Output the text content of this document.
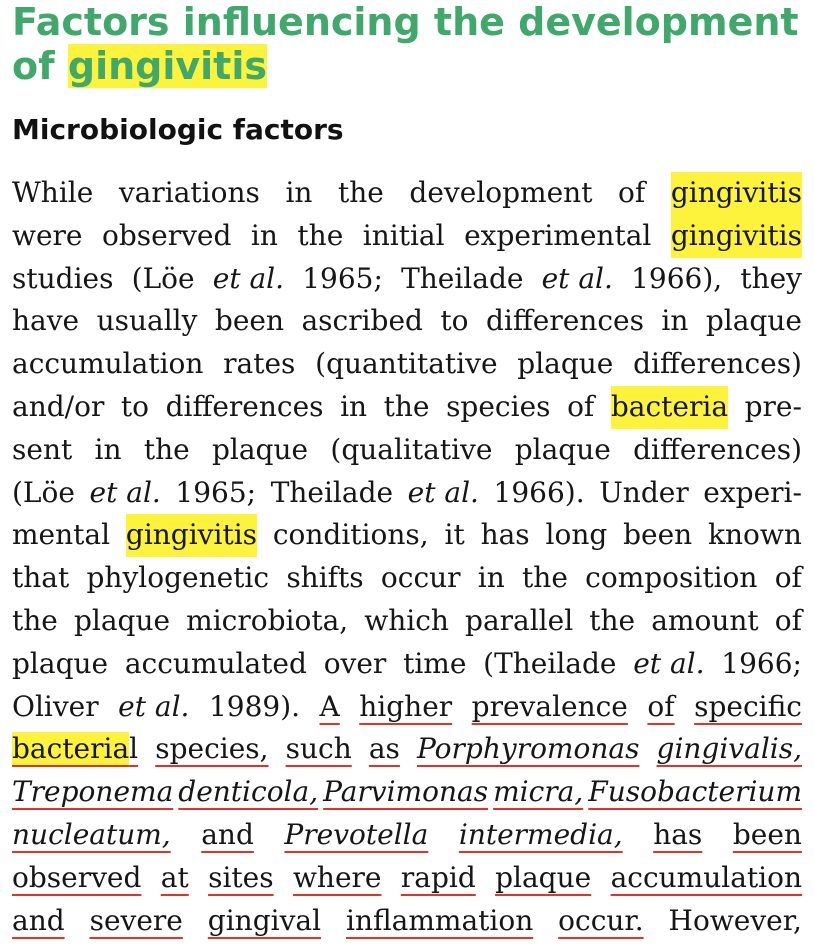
Factors influencing the development
of gingivitis
Microbiologic factors
While variations in the development of gingivitis
were observed in the initial experimental gingivitis
studies (Löe et al. 1965; Theilade et al. 1966), they
have usually been ascribed to differences in plaque
accumulation rates (quantitative plaque differences)
and/or to differences in the species of bacteria pre-
sent in the plaque (qualitative plaque differences)
(Löe et al. 1965; Theilade et al. 1966). Under experi-
mental gingivitis conditions, it has long been known
that phylogenetic shifts occur in the composition of
the plaque microbiota, which parallel the amount of
plaque accumulated over time (Theilade et al. 1966;
Oliver et al. 1989). A higher prevalence of specific
bacterial species, such as Porphyromonas gingivalis,
Treponema denticola, Parvimonas micra, Fusobacterium
nucleatum, and Prevotella intermedia, has been
observed at sites where rapid plaque accumulation
and severe gingival inflammation occur. However,
